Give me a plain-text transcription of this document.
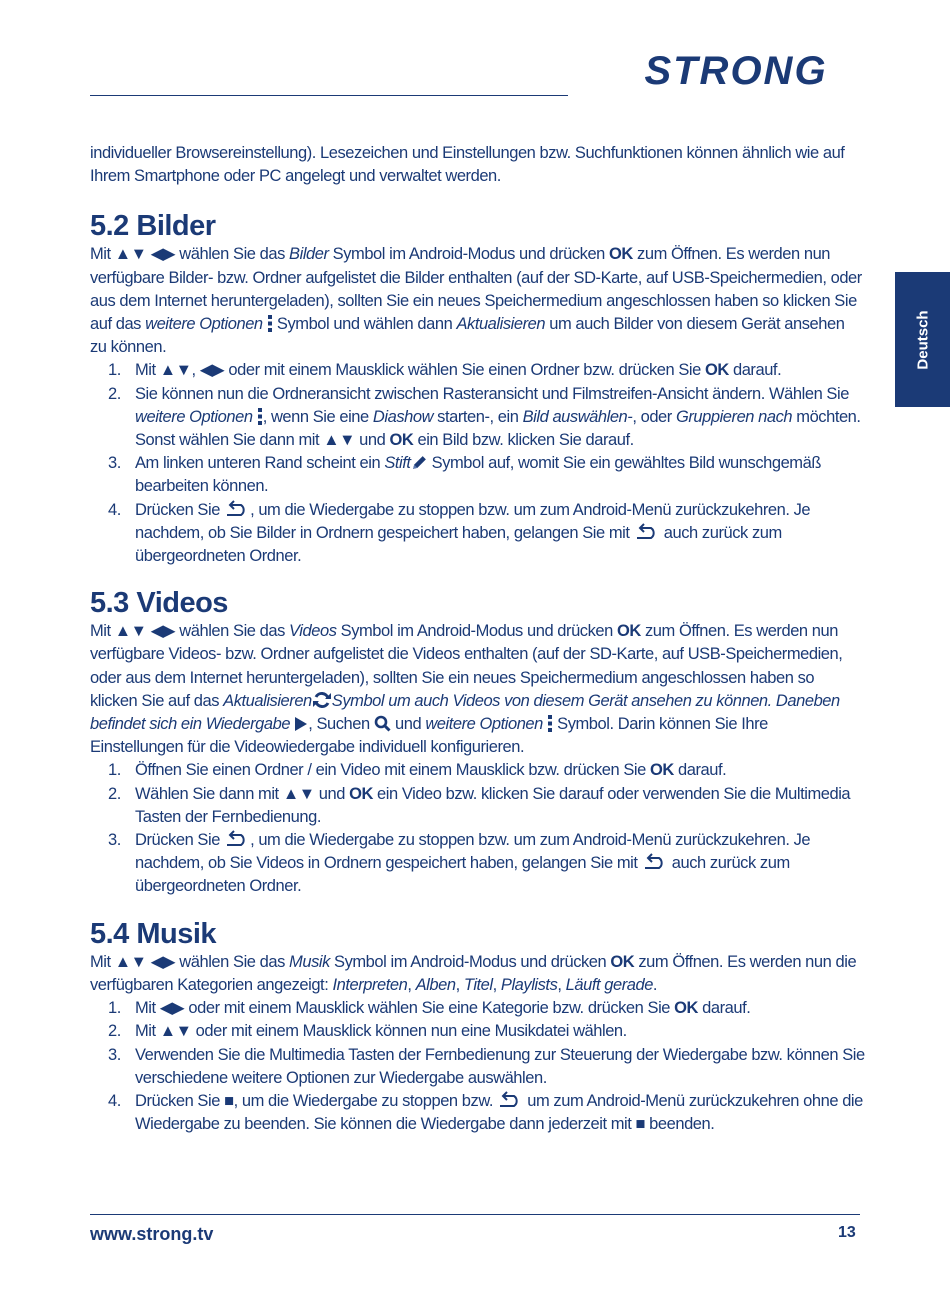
STRONG
Deutsch

individueller Browsereinstellung). Lesezeichen und Einstellungen bzw. Suchfunktionen können ähnlich wie auf Ihrem Smartphone oder PC angelegt und verwaltet werden.

5.2 Bilder

Mit ▲▼ ◀▶ wählen Sie das Bilder Symbol im Android-Modus und drücken OK zum Öffnen. Es werden nun verfügbare Bilder- bzw. Ordner aufgelistet die Bilder enthalten (auf der SD-Karte, auf USB-Speichermedien, oder aus dem Internet heruntergeladen), sollten Sie ein neues Speichermedium angeschlossen haben so klicken Sie auf das weitere Optionen  Symbol und wählen dann Aktualisieren um auch Bilder von diesem Gerät ansehen zu können.

1. Mit ▲▼, ◀▶ oder mit einem Mausklick wählen Sie einen Ordner bzw. drücken Sie OK darauf.
2. Sie können nun die Ordneransicht zwischen Rasteransicht und Filmstreifen-Ansicht ändern. Wählen Sie weitere Optionen , wenn Sie eine Diashow starten-, ein Bild auswählen-, oder Gruppieren nach möchten. Sonst wählen Sie dann mit ▲▼ und OK ein Bild bzw. klicken Sie darauf.
3. Am linken unteren Rand scheint ein Stift Symbol auf, womit Sie ein gewähltes Bild wunschgemäß bearbeiten können.
4. Drücken Sie , um die Wiedergabe zu stoppen bzw. um zum Android-Menü zurückzukehren. Je nachdem, ob Sie Bilder in Ordnern gespeichert haben, gelangen Sie mit  auch zurück zum übergeordneten Ordner.
5.3 Videos

Mit ▲▼ ◀▶ wählen Sie das Videos Symbol im Android-Modus und drücken OK zum Öffnen. Es werden nun verfügbare Videos- bzw. Ordner aufgelistet die Videos enthalten (auf der SD-Karte, auf USB-Speichermedien, oder aus dem Internet heruntergeladen), sollten Sie ein neues Speichermedium angeschlossen haben so klicken Sie auf das Aktualisieren Symbol um auch Videos von diesem Gerät ansehen zu können. Daneben befindet sich ein Wiedergabe , Suchen  und weitere Optionen  Symbol. Darin können Sie Ihre Einstellungen für die Videowiedergabe individuell konfigurieren.

1. Öffnen Sie einen Ordner / ein Video mit einem Mausklick bzw. drücken Sie OK darauf.
2. Wählen Sie dann mit ▲▼ und OK ein Video bzw. klicken Sie darauf oder verwenden Sie die Multimedia Tasten der Fernbedienung.
3. Drücken Sie , um die Wiedergabe zu stoppen bzw. um zum Android-Menü zurückzukehren. Je nachdem, ob Sie Videos in Ordnern gespeichert haben, gelangen Sie mit  auch zurück zum übergeordneten Ordner.
5.4 Musik

Mit ▲▼ ◀▶ wählen Sie das Musik Symbol im Android-Modus und drücken OK zum Öffnen. Es werden nun die verfügbaren Kategorien angezeigt: Interpreten, Alben, Titel, Playlists, Läuft gerade.

1. Mit ◀▶ oder mit einem Mausklick wählen Sie eine Kategorie bzw. drücken Sie OK darauf.
2. Mit ▲▼ oder mit einem Mausklick können nun eine Musikdatei wählen.
3. Verwenden Sie die Multimedia Tasten der Fernbedienung zur Steuerung der Wiedergabe bzw. können Sie verschiedene weitere Optionen zur Wiedergabe auswählen.
4. Drücken Sie ■, um die Wiedergabe zu stoppen bzw.  um zum Android-Menü zurückzukehren ohne die Wiedergabe zu beenden. Sie können die Wiedergabe dann jederzeit mit ■ beenden.
www.strong.tv	13
